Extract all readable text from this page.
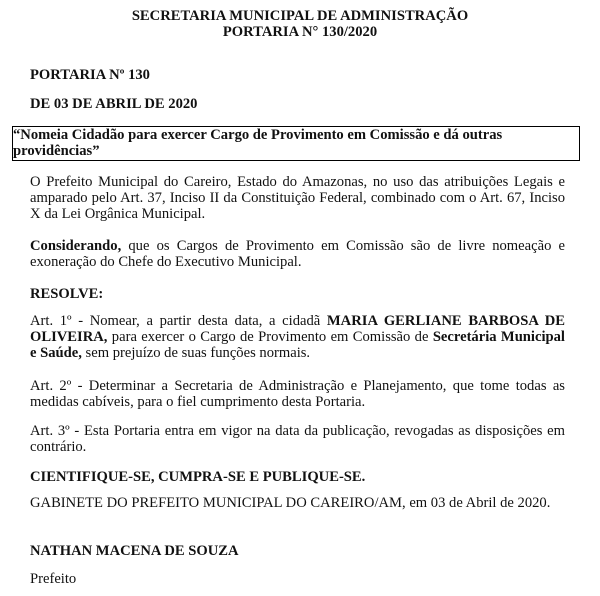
SECRETARIA MUNICIPAL DE ADMINISTRAÇÃO
PORTARIA N° 130/2020
PORTARIA Nº 130
DE 03 DE ABRIL DE 2020

“Nomeia Cidadão para exercer Cargo de Provimento em Comissão e dá outras providências”

O Prefeito Municipal do Careiro, Estado do Amazonas, no uso das atribuições Legais e amparado pelo Art. 37, Inciso II da Constituição Federal, combinado com o Art. 67, Inciso X da Lei Orgânica Municipal.
Considerando, que os Cargos de Provimento em Comissão são de livre nomeação e exoneração do Chefe do Executivo Municipal.
RESOLVE:
Art. 1º - Nomear, a partir desta data, a cidadã MARIA GERLIANE BARBOSA DE OLIVEIRA, para exercer o Cargo de Provimento em Comissão de Secretária Municipal e Saúde, sem prejuízo de suas funções normais.
Art. 2º - Determinar a Secretaria de Administração e Planejamento, que tome todas as medidas cabíveis, para o fiel cumprimento desta Portaria.
Art. 3º - Esta Portaria entra em vigor na data da publicação, revogadas as disposições em contrário.
CIENTIFIQUE-SE, CUMPRA-SE E PUBLIQUE-SE.
GABINETE DO PREFEITO MUNICIPAL DO CAREIRO/AM, em 03 de Abril de 2020.
NATHAN MACENA DE SOUZA
Prefeito
